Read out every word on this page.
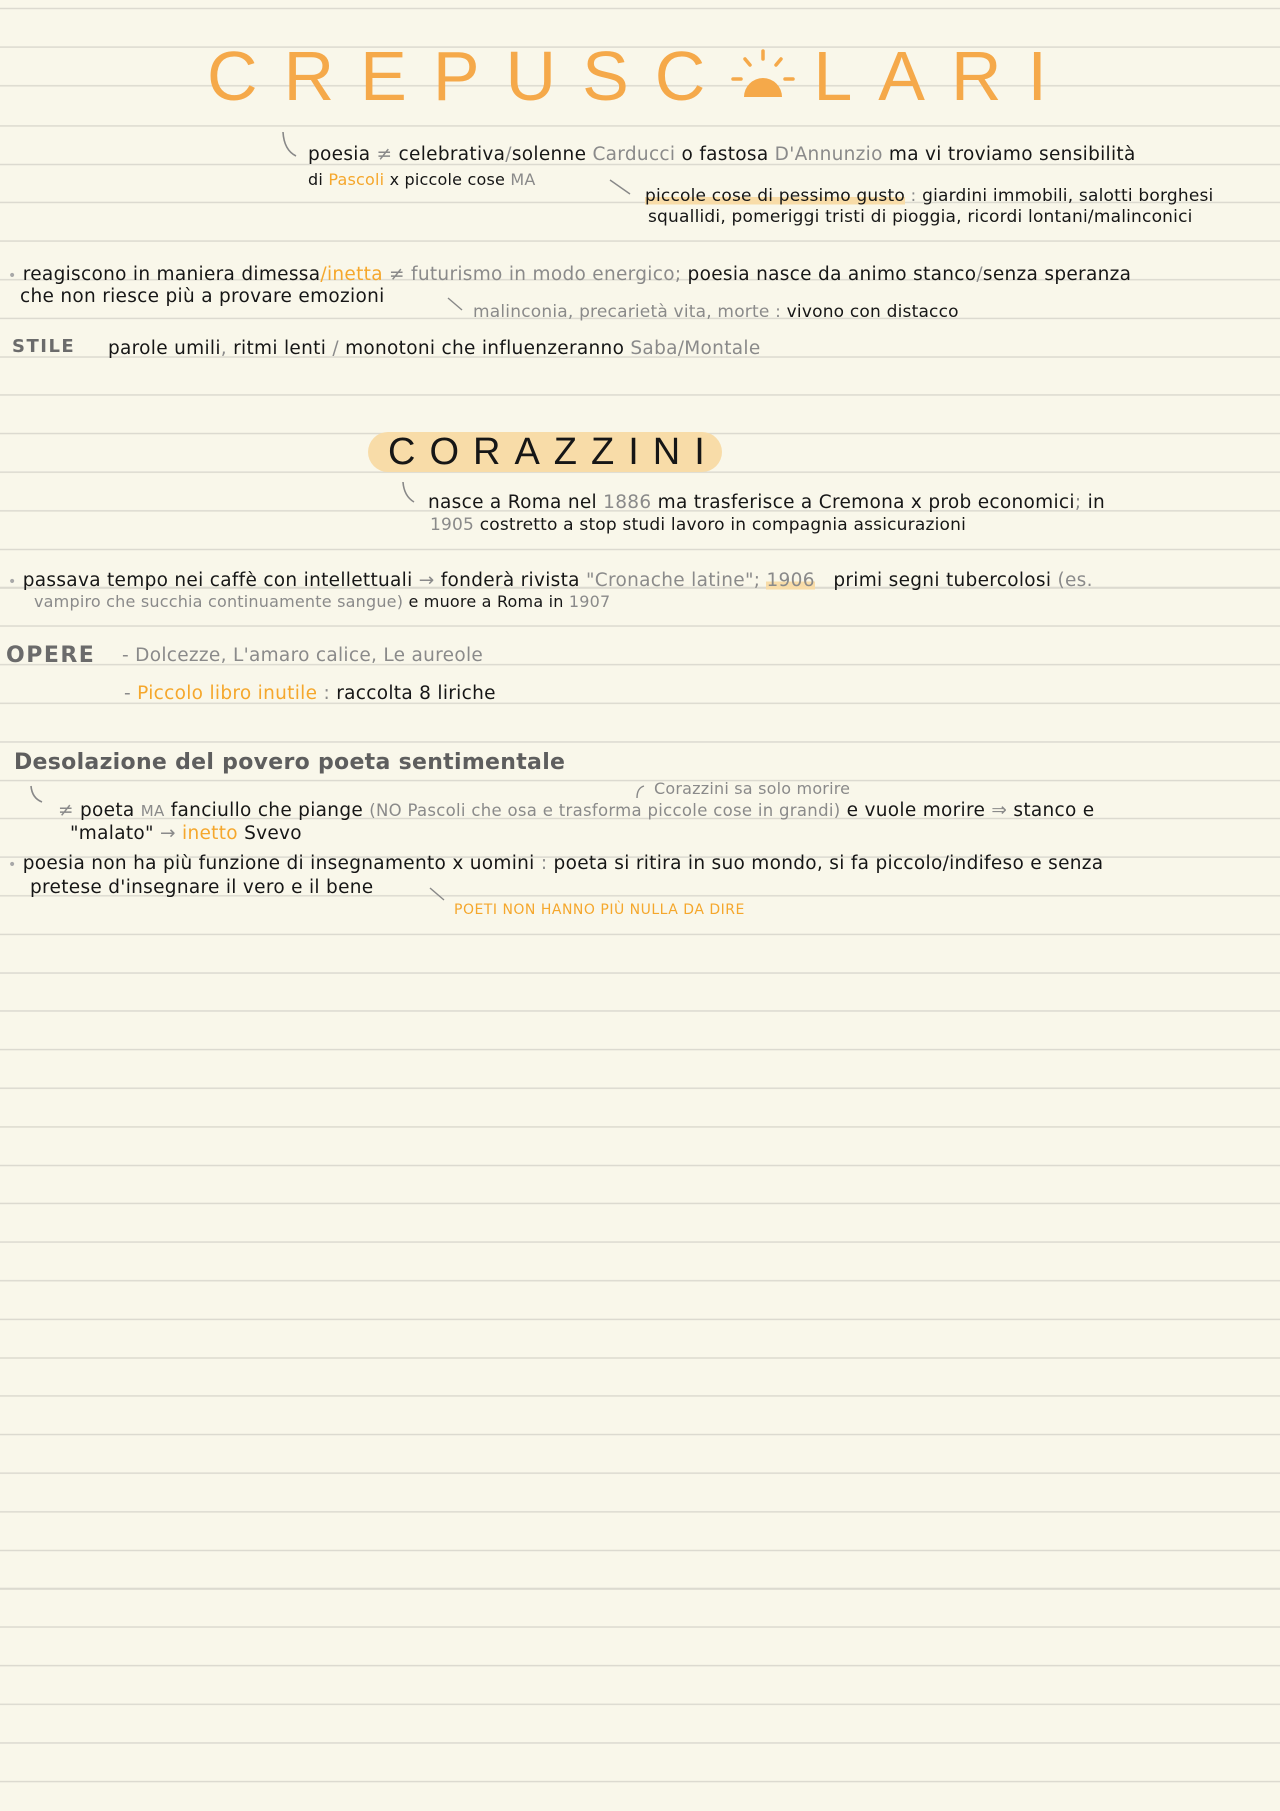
CREPUSC LARI
poesia ≠ celebrativa/solenne Carducci o fastosa D'Annunzio ma vi troviamo sensibilità
di Pascoli x piccole cose MA
piccole cose di pessimo gusto : giardini immobili, salotti borghesi
squallidi, pomeriggi tristi di pioggia, ricordi lontani/malinconici
• reagiscono in maniera dimessa/inetta ≠ futurismo in modo energico; poesia nasce da animo stanco/senza speranza
che non riesce più a provare emozioni
malinconia, precarietà vita, morte : vivono con distacco
STILE parole umili, ritmi lenti / monotoni che influenzeranno Saba/Montale
CORAZZINI
nasce a Roma nel 1886 ma trasferisce a Cremona x prob economici; in
1905 costretto a stop studi lavoro in compagnia assicurazioni
• passava tempo nei caffè con intellettuali → fonderà rivista "Cronache latine"; 1906 primi segni tubercolosi (es.
vampiro che succhia continuamente sangue) e muore a Roma in 1907
OPERE - Dolcezze, L'amaro calice, Le aureole
- Piccolo libro inutile : raccolta 8 liriche
Desolazione del povero poeta sentimentale
Corazzini sa solo morire
≠ poeta MA fanciullo che piange (NO Pascoli che osa e trasforma piccole cose in grandi) e vuole morire ⇒ stanco e
"malato" → inetto Svevo
• poesia non ha più funzione di insegnamento x uomini : poeta si ritira in suo mondo, si fa piccolo/indifeso e senza
pretese d'insegnare il vero e il bene
POETI NON HANNO PIÙ NULLA DA DIRE
